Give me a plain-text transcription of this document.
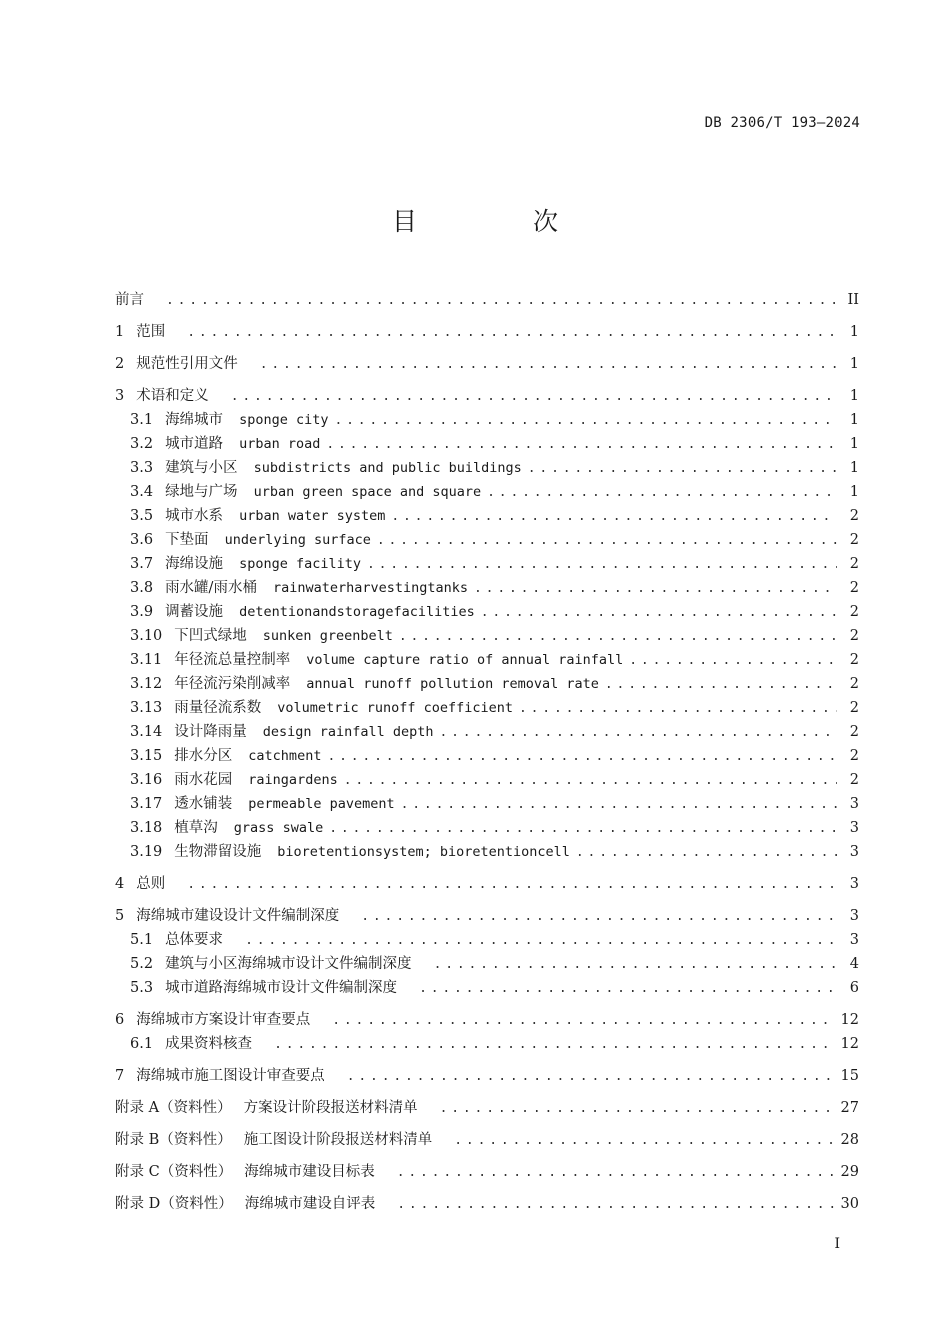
DB 2306/T 193—2024
目 次
前言 . . .	II
1 范围 . . .	1
2 规范性引用文件 . . .	1
3 术语和定义 . . .	1
3.1 海绵城市 sponge city . . .	1
3.2 城市道路 urban road . . .	1
3.3 建筑与小区 subdistricts and public buildings . . .	1
3.4 绿地与广场 urban green space and square . . .	1
3.5 城市水系 urban water system . . .	2
3.6 下垫面 underlying surface . . .	2
3.7 海绵设施 sponge facility . . .	2
3.8 雨水罐/雨水桶 rainwaterharvestingtanks . . .	2
3.9 调蓄设施 detentionandstoragefacilities . . .	2
3.10 下凹式绿地 sunken greenbelt . . .	2
3.11 年径流总量控制率 volume capture ratio of annual rainfall . . .	2
3.12 年径流污染削减率 annual runoff pollution removal rate . . .	2
3.13 雨量径流系数 volumetric runoff coefficient . . .	2
3.14 设计降雨量 design rainfall depth . . .	2
3.15 排水分区 catchment . . .	2
3.16 雨水花园 raingardens . . .	2
3.17 透水铺装 permeable pavement . . .	3
3.18 植草沟 grass swale . . .	3
3.19 生物滞留设施 bioretentionsystem; bioretentioncell . . .	3
4 总则 . . .	3
5 海绵城市建设设计文件编制深度 . . .	3
5.1 总体要求 . . .	3
5.2 建筑与小区海绵城市设计文件编制深度 . . .	4
5.3 城市道路海绵城市设计文件编制深度 . . .	6
6 海绵城市方案设计审查要点 . . .	12
6.1 成果资料核查 . . .	12
7 海绵城市施工图设计审查要点 . . .	15
附录 A（资料性） 方案设计阶段报送材料清单 . . .	27
附录 B（资料性） 施工图设计阶段报送材料清单 . . .	28
附录 C（资料性） 海绵城市建设目标表 . . .	29
附录 D（资料性） 海绵城市建设自评表 . . .	30
I
